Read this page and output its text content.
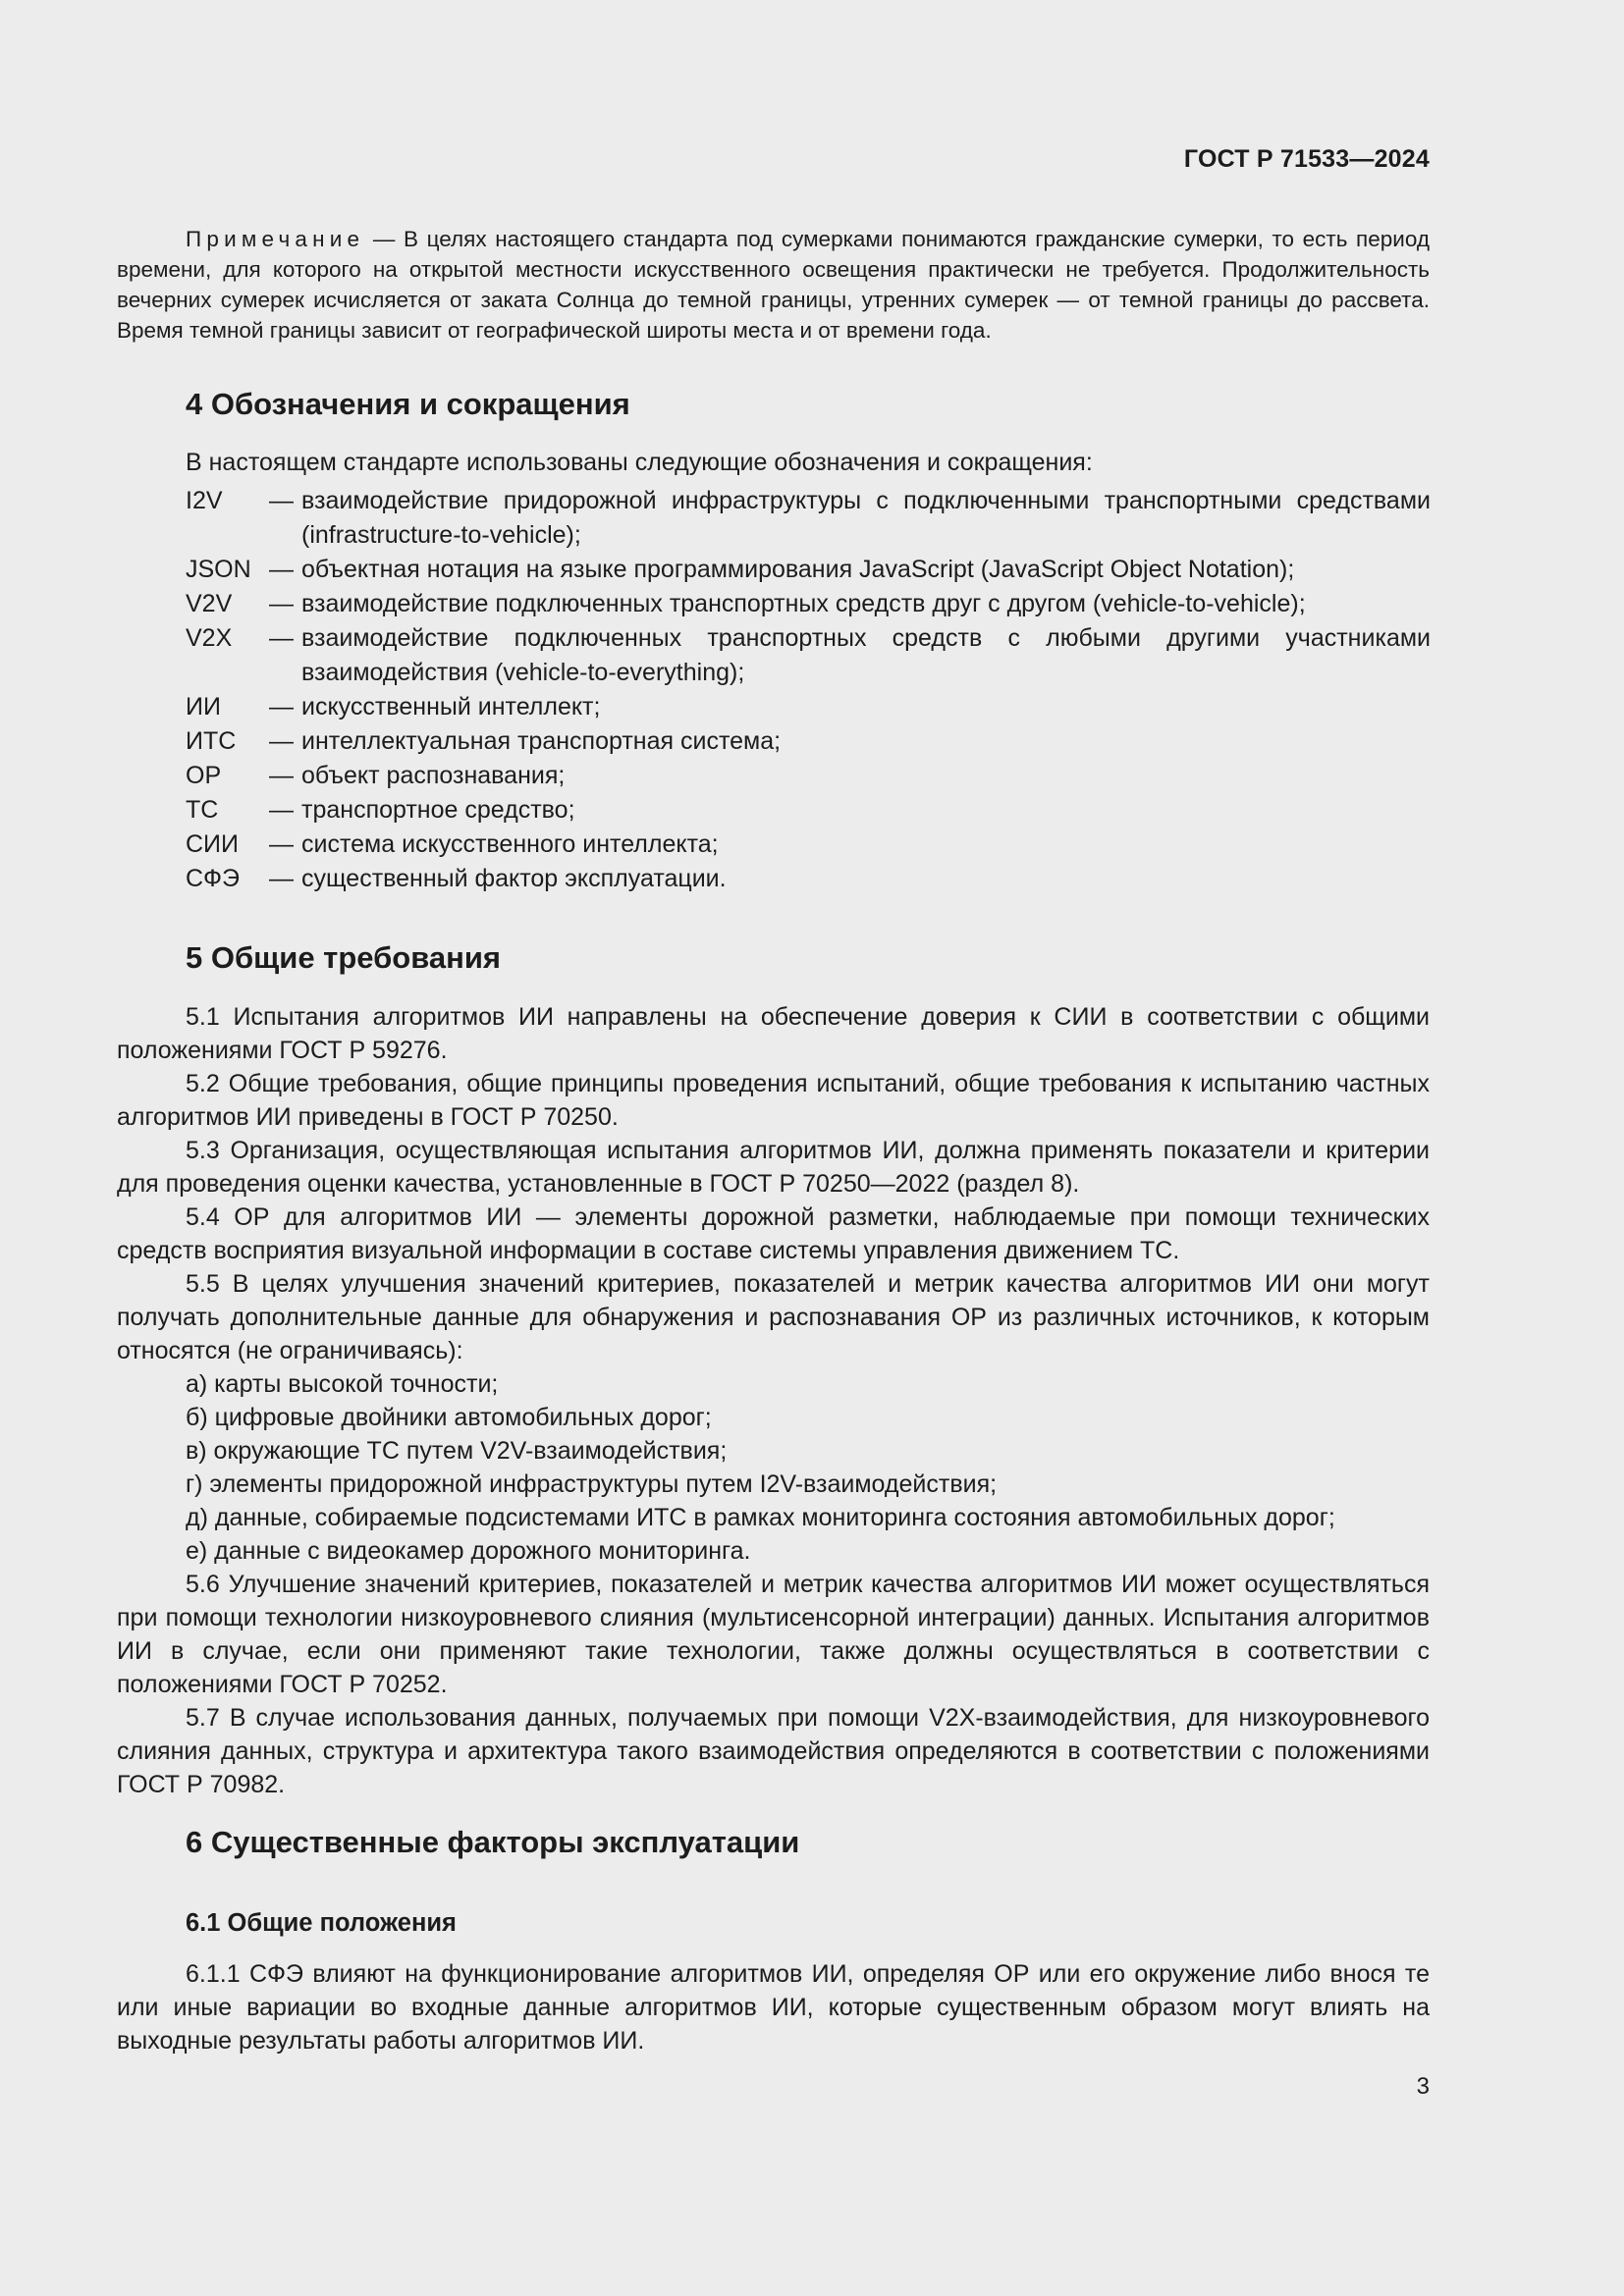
ГОСТ Р 71533—2024
Примечание — В целях настоящего стандарта под сумерками понимаются гражданские сумерки, то есть период времени, для которого на открытой местности искусственного освещения практически не требуется. Продолжительность вечерних сумерек исчисляется от заката Солнца до темной границы, утренних сумерек — от темной границы до рассвета. Время темной границы зависит от географической широты места и от времени года.
4 Обозначения и сокращения
В настоящем стандарте использованы следующие обозначения и сокращения:
I2V	— взаимодействие придорожной инфраструктуры с подключенными транспортными средствами (infrastructure-to-vehicle);
JSON — объектная нотация на языке программирования JavaScript (JavaScript Object Notation);
V2V	— взаимодействие подключенных транспортных средств друг с другом (vehicle-to-vehicle);
V2X	— взаимодействие подключенных транспортных средств с любыми другими участниками взаимодействия (vehicle-to-everything);
ИИ	— искусственный интеллект;
ИТС	— интеллектуальная транспортная система;
ОР	— объект распознавания;
ТС	— транспортное средство;
СИИ	— система искусственного интеллекта;
СФЭ	— существенный фактор эксплуатации.
5 Общие требования

5.1 Испытания алгоритмов ИИ направлены на обеспечение доверия к СИИ в соответствии с общими положениями ГОСТ Р 59276.

5.2 Общие требования, общие принципы проведения испытаний, общие требования к испытанию частных алгоритмов ИИ приведены в ГОСТ Р 70250.

5.3 Организация, осуществляющая испытания алгоритмов ИИ, должна применять показатели и критерии для проведения оценки качества, установленные в ГОСТ Р 70250—2022 (раздел 8).

5.4 ОР для алгоритмов ИИ — элементы дорожной разметки, наблюдаемые при помощи технических средств восприятия визуальной информации в составе системы управления движением ТС.

5.5 В целях улучшения значений критериев, показателей и метрик качества алгоритмов ИИ они могут получать дополнительные данные для обнаружения и распознавания ОР из различных источников, к которым относятся (не ограничиваясь):

а) карты высокой точности;

б) цифровые двойники автомобильных дорог;

в) окружающие ТС путем V2V-взаимодействия;

г) элементы придорожной инфраструктуры путем I2V-взаимодействия;

д) данные, собираемые подсистемами ИТС в рамках мониторинга состояния автомобильных дорог;

е) данные с видеокамер дорожного мониторинга.

5.6 Улучшение значений критериев, показателей и метрик качества алгоритмов ИИ может осуществляться при помощи технологии низкоуровневого слияния (мультисенсорной интеграции) данных. Испытания алгоритмов ИИ в случае, если они применяют такие технологии, также должны осуществляться в соответствии с положениями ГОСТ Р 70252.

5.7 В случае использования данных, получаемых при помощи V2X-взаимодействия, для низкоуровневого слияния данных, структура и архитектура такого взаимодействия определяются в соответствии с положениями ГОСТ Р 70982.

6 Существенные факторы эксплуатации
6.1 Общие положения

6.1.1 СФЭ влияют на функционирование алгоритмов ИИ, определяя ОР или его окружение либо внося те или иные вариации во входные данные алгоритмов ИИ, которые существенным образом могут влиять на выходные результаты работы алгоритмов ИИ.

3
